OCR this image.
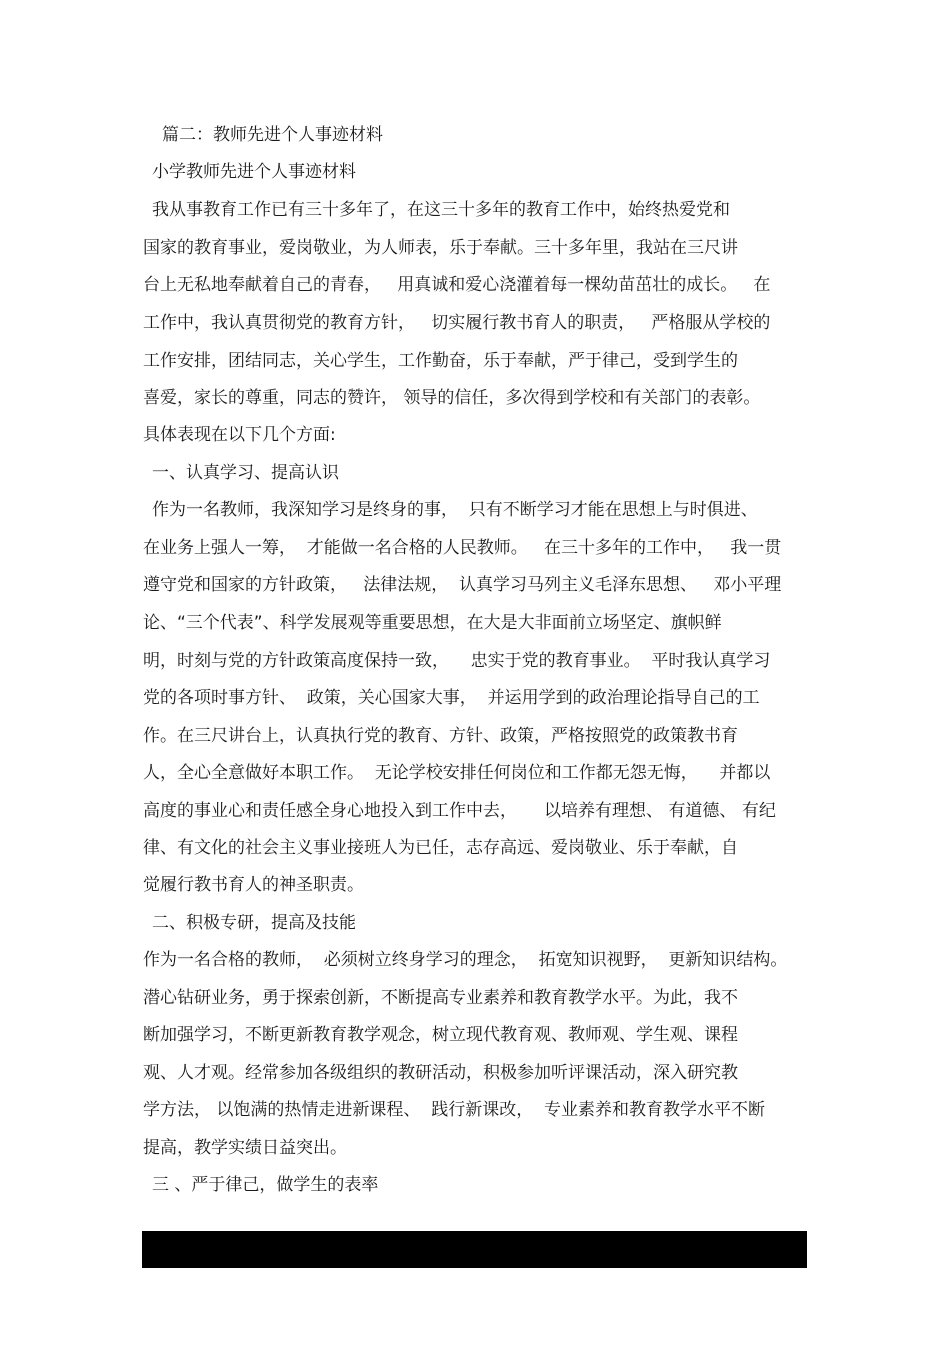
篇二：教师先进个人事迹材料
小学教师先进个人事迹材料
我从事教育工作已有三十多年了，在这三十多年的教育工作中，始终热爱党和
国家的教育事业，爱岗敬业，为人师表，乐于奉献。三十多年里，我站在三尺讲
台上无私地奉献着自己的青春，   用真诚和爱心浇灌着每一棵幼苗茁壮的成长。   在
工作中，我认真贯彻党的教育方针，   切实履行教书育人的职责，   严格服从学校的
工作安排，团结同志，关心学生，工作勤奋，乐于奉献，严于律己，受到学生的
喜爱，家长的尊重，同志的赞许， 领导的信任，多次得到学校和有关部门的表彰。
具体表现在以下几个方面:
一、认真学习、提高认识
作为一名教师，我深知学习是终身的事，  只有不断学习才能在思想上与时俱进、
在业务上强人一筹，  才能做一名合格的人民教师。   在三十多年的工作中，   我一贯
遵守党和国家的方针政策，   法律法规，  认真学习马列主义毛泽东思想、   邓小平理
论、“三个代表”、科学发展观等重要思想，在大是大非面前立场坚定、旗帜鲜
明，时刻与党的方针政策高度保持一致，    忠实于党的教育事业。  平时我认真学习
党的各项时事方针、  政策，关心国家大事，  并运用学到的政治理论指导自己的工
作。在三尺讲台上，认真执行党的教育、方针、政策，严格按照党的政策教书育
人，全心全意做好本职工作。  无论学校安排任何岗位和工作都无怨无悔，    并都以
高度的事业心和责任感全身心地投入到工作中去，     以培养有理想、 有道德、 有纪
律、有文化的社会主义事业接班人为已任，志存高远、爱岗敬业、乐于奉献，自
觉履行教书育人的神圣职责。
二、积极专研，提高及技能
作为一名合格的教师，  必须树立终身学习的理念，  拓宽知识视野，  更新知识结构。
潜心钻研业务，勇于探索创新，不断提高专业素养和教育教学水平。为此，我不
断加强学习，不断更新教育教学观念，树立现代教育观、教师观、学生观、课程
观、人才观。经常参加各级组织的教研活动，积极参加听评课活动，深入研究教
学方法， 以饱满的热情走进新课程、  践行新课改，  专业素养和教育教学水平不断
提高，教学实绩日益突出。
三 、严于律己，做学生的表率
